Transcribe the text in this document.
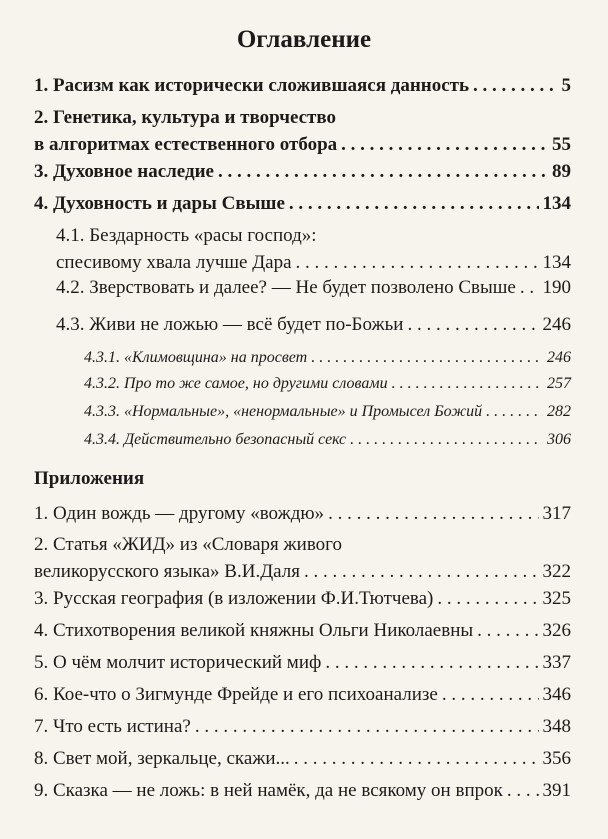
Оглавление
1. Расизм как исторически сложившаяся данность . . .	5
2. Генетика, культура и творчество
в алгоритмах естественного отбора . . .	55
3. Духовное наследие . . .	89
4. Духовность и дары Свыше . . .	134
4.1. Бездарность «расы господ»:
спесивому хвала лучше Дара . . .	134
4.2. Зверствовать и далее? — Не будет позволено Свыше . . . 190
4.3. Живи не ложью — всё будет по-Божьи . . .	246
4.3.1. «Климовщина» на просвет . . .	246
4.3.2. Про то же самое, но другими словами . . .	257
4.3.3. «Нормальные», «ненормальные» и Промысел Божий . . .	282
4.3.4. Действительно безопасный секс . . .	306
Приложения
1. Один вождь — другому «вождю» . . .	317
2. Статья «ЖИД» из «Словаря живого
великорусского языка» В.И.Даля . . .	322
3. Русская география (в изложении Ф.И.Тютчева) . . .	325
4. Стихотворения великой княжны Ольги Николаевны . . .	326
5. О чём молчит исторический миф . . .	337
6. Кое-что о Зигмунде Фрейде и его психоанализе . . .	346
7. Что есть истина? . . .	348
8. Свет мой, зеркальце, скажи... . . .	356
9. Сказка — не ложь: в ней намёк, да не всякому он впрок . . . 391
